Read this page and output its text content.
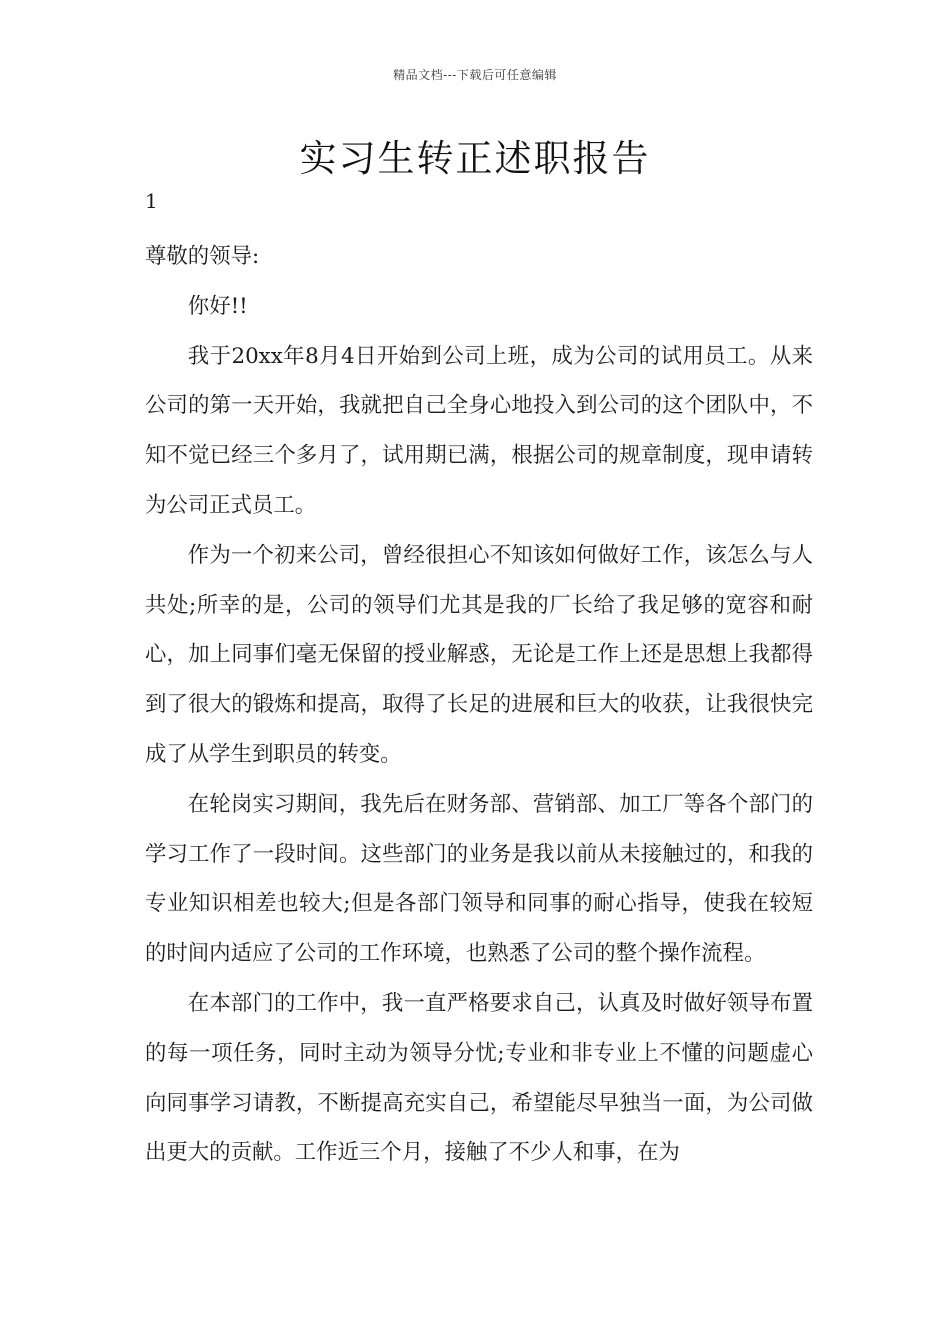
精品文档---下载后可任意编辑
实习生转正述职报告
1

尊敬的领导:

你好!!

我于20xx年8月4日开始到公司上班，成为公司的试用员工。从来公司的第一天开始，我就把自己全身心地投入到公司的这个团队中，不知不觉已经三个多月了，试用期已满，根据公司的规章制度，现申请转为公司正式员工。

作为一个初来公司，曾经很担心不知该如何做好工作，该怎么与人共处;所幸的是，公司的领导们尤其是我的厂长给了我足够的宽容和耐心，加上同事们毫无保留的授业解惑，无论是工作上还是思想上我都得到了很大的锻炼和提高，取得了长足的进展和巨大的收获，让我很快完成了从学生到职员的转变。

在轮岗实习期间，我先后在财务部、营销部、加工厂等各个部门的学习工作了一段时间。这些部门的业务是我以前从未接触过的，和我的专业知识相差也较大;但是各部门领导和同事的耐心指导，使我在较短的时间内适应了公司的工作环境，也熟悉了公司的整个操作流程。

在本部门的工作中，我一直严格要求自己，认真及时做好领导布置的每一项任务，同时主动为领导分忧;专业和非专业上不懂的问题虚心向同事学习请教，不断提高充实自己，希望能尽早独当一面，为公司做出更大的贡献。工作近三个月，接触了不少人和事，在为
